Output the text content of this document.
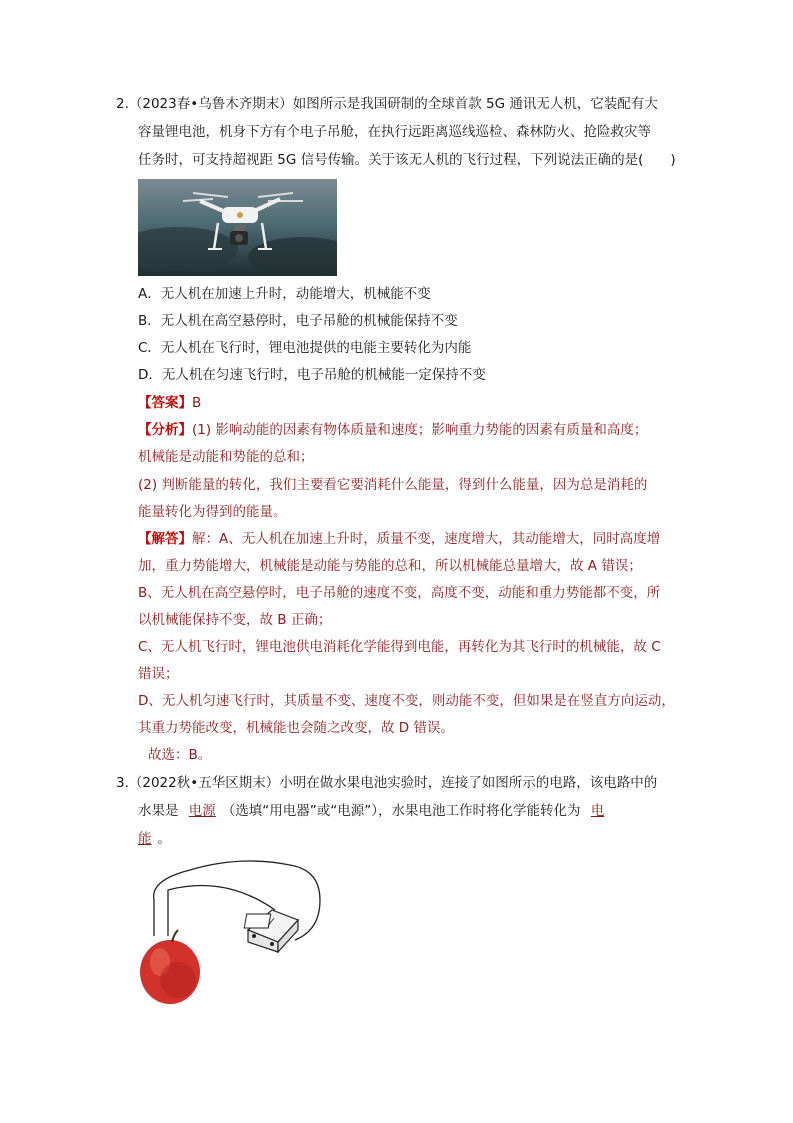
2.（2023春•乌鲁木齐期末）如图所示是我国研制的全球首款 5G 通讯无人机，它装配有大
容量锂电池，机身下方有个电子吊舱，在执行远距离巡线巡检、森林防火、抢险救灾等
任务时，可支持超视距 5G 信号传输。关于该无人机的飞行过程，下列说法正确的是(　　)
A．无人机在加速上升时，动能增大，机械能不变
B．无人机在高空悬停时，电子吊舱的机械能保持不变
C．无人机在飞行时，锂电池提供的电能主要转化为内能
D．无人机在匀速飞行时，电子吊舱的机械能一定保持不变
【答案】B
【分析】(1) 影响动能的因素有物体质量和速度；影响重力势能的因素有质量和高度；
机械能是动能和势能的总和；
(2) 判断能量的转化，我们主要看它要消耗什么能量，得到什么能量，因为总是消耗的
能量转化为得到的能量。
【解答】解：A、无人机在加速上升时，质量不变，速度增大，其动能增大，同时高度增
加，重力势能增大，机械能是动能与势能的总和，所以机械能总量增大，故 A 错误；
B、无人机在高空悬停时，电子吊舱的速度不变，高度不变，动能和重力势能都不变，所
以机械能保持不变，故 B 正确；
C、无人机飞行时，锂电池供电消耗化学能得到电能，再转化为其飞行时的机械能，故 C
错误；
D、无人机匀速飞行时，其质量不变、速度不变，则动能不变，但如果是在竖直方向运动，
其重力势能改变，机械能也会随之改变，故 D 错误。
故选：B。
3.（2022秋•五华区期末）小明在做水果电池实验时，连接了如图所示的电路，该电路中的
水果是 电源 （选填“用电器”或“电源”），水果电池工作时将化学能转化为 电
能 。
